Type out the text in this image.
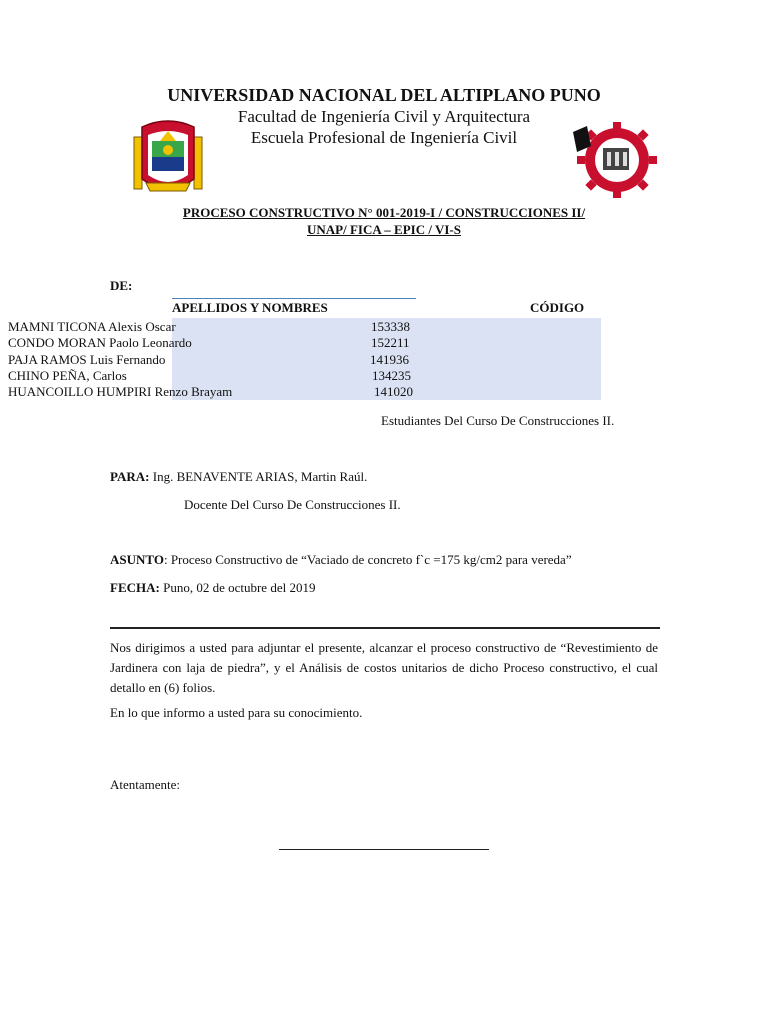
UNIVERSIDAD NACIONAL DEL ALTIPLANO PUNO
Facultad de Ingeniería Civil y Arquitectura
Escuela Profesional de Ingeniería Civil
PROCESO CONSTRUCTIVO N° 001-2019-I / CONSTRUCCIONES II/
UNAP/ FICA – EPIC / VI-S
DE:
APELLIDOS Y NOMBRES	CÓDIGO
MAMNI TICONA Alexis Oscar	153338
CONDO MORAN Paolo Leonardo	152211
PAJA RAMOS Luis Fernando	141936
CHINO PEÑA, Carlos	134235
HUANCOILLO HUMPIRI Renzo Brayam	141020
Estudiantes Del Curso De Construcciones II.
PARA: Ing. BENAVENTE ARIAS, Martin Raúl.
Docente Del Curso De Construcciones II.
ASUNTO: Proceso Constructivo de “Vaciado de concreto f`c =175 kg/cm2 para vereda”
FECHA: Puno, 02 de octubre del 2019
Nos dirigimos a usted para adjuntar el presente, alcanzar el proceso constructivo de “Revestimiento de Jardinera con laja de piedra”, y el Análisis de costos unitarios de dicho Proceso constructivo, el cual detallo en (6) folios.
En lo que informo a usted para su conocimiento.
Atentamente:
